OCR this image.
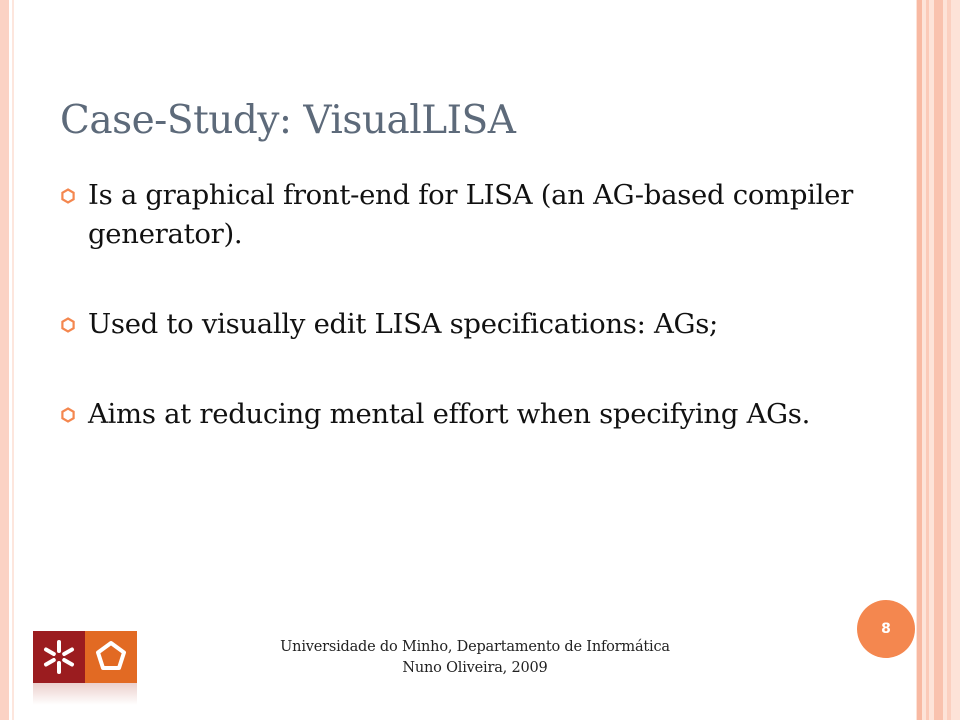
Case-Study: VisualLISA
Is a graphical front-end for LISA (an AG-based compiler generator).
Used to visually edit LISA specifications: AGs;
Aims at reducing mental effort when specifying AGs.
Universidade do Minho, Departamento de Informática
Nuno Oliveira, 2009
8
